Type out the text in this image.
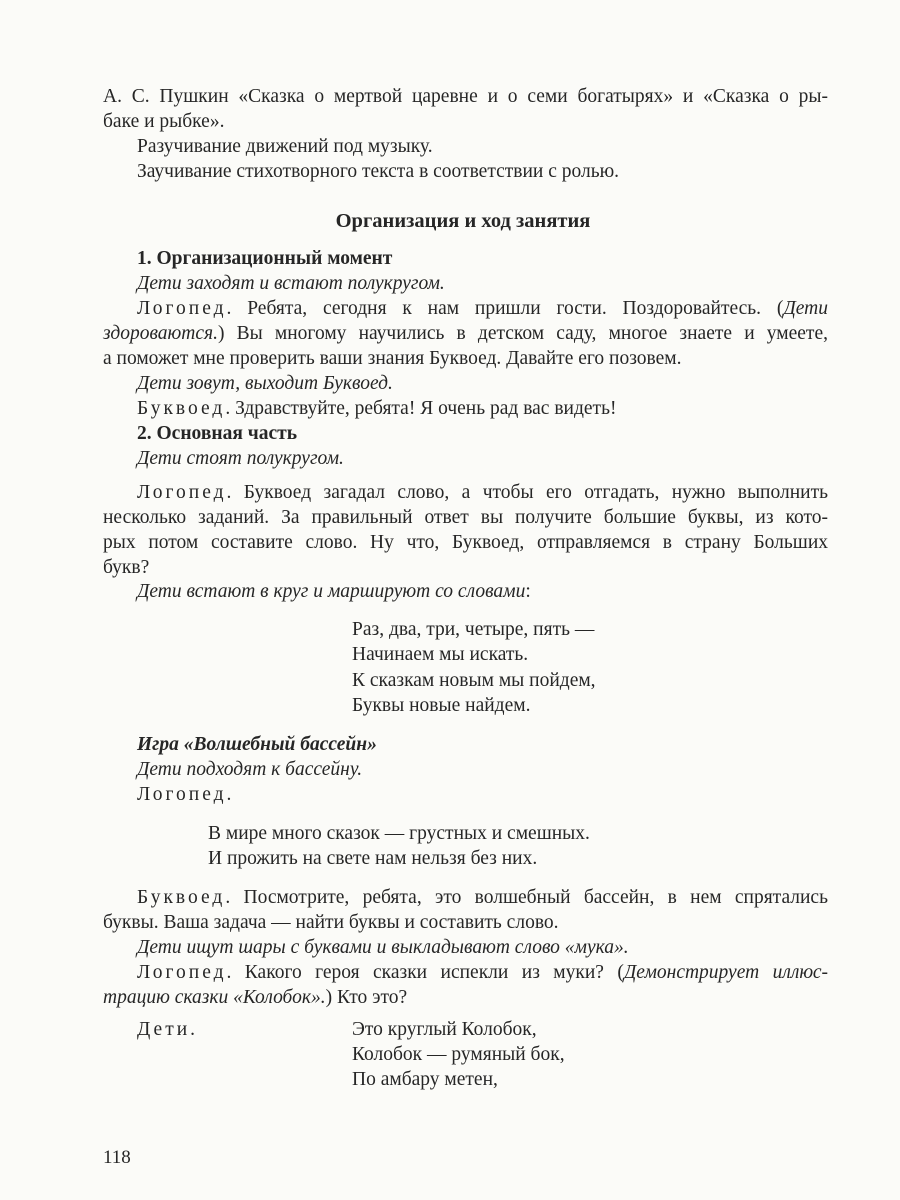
А. С. Пушкин «Сказка о мертвой царевне и о семи богатырях» и «Сказка о ры-
баке и рыбке».
Разучивание движений под музыку.
Заучивание стихотворного текста в соответствии с ролью.
Организация и ход занятия
1. Организационный момент
Дети заходят и встают полукругом.
Логопед. Ребята, сегодня к нам пришли гости. Поздоровайтесь. (Дети
здороваются.) Вы многому научились в детском саду, многое знаете и умеете,
а поможет мне проверить ваши знания Буквоед. Давайте его позовем.
Дети зовут, выходит Буквоед.
Буквоед. Здравствуйте, ребята! Я очень рад вас видеть!
2. Основная часть
Дети стоят полукругом.
Логопед. Буквоед загадал слово, а чтобы его отгадать, нужно выполнить
несколько заданий. За правильный ответ вы получите большие буквы, из кото-
рых потом составите слово. Ну что, Буквоед, отправляемся в страну Больших
букв?
Дети встают в круг и маршируют со словами:
Раз, два, три, четыре, пять —
Начинаем мы искать.
К сказкам новым мы пойдем,
Буквы новые найдем.
Игра «Волшебный бассейн»
Дети подходят к бассейну.
Логопед.
В мире много сказок — грустных и смешных.
И прожить на свете нам нельзя без них.
Буквоед. Посмотрите, ребята, это волшебный бассейн, в нем спрятались
буквы. Ваша задача — найти буквы и составить слово.
Дети ищут шары с буквами и выкладывают слово «мука».
Логопед. Какого героя сказки испекли из муки? (Демонстрирует иллюс-
трацию сказки «Колобок».) Кто это?
Дети.	Это круглый Колобок,
Колобок — румяный бок,
По амбару метен,
118
